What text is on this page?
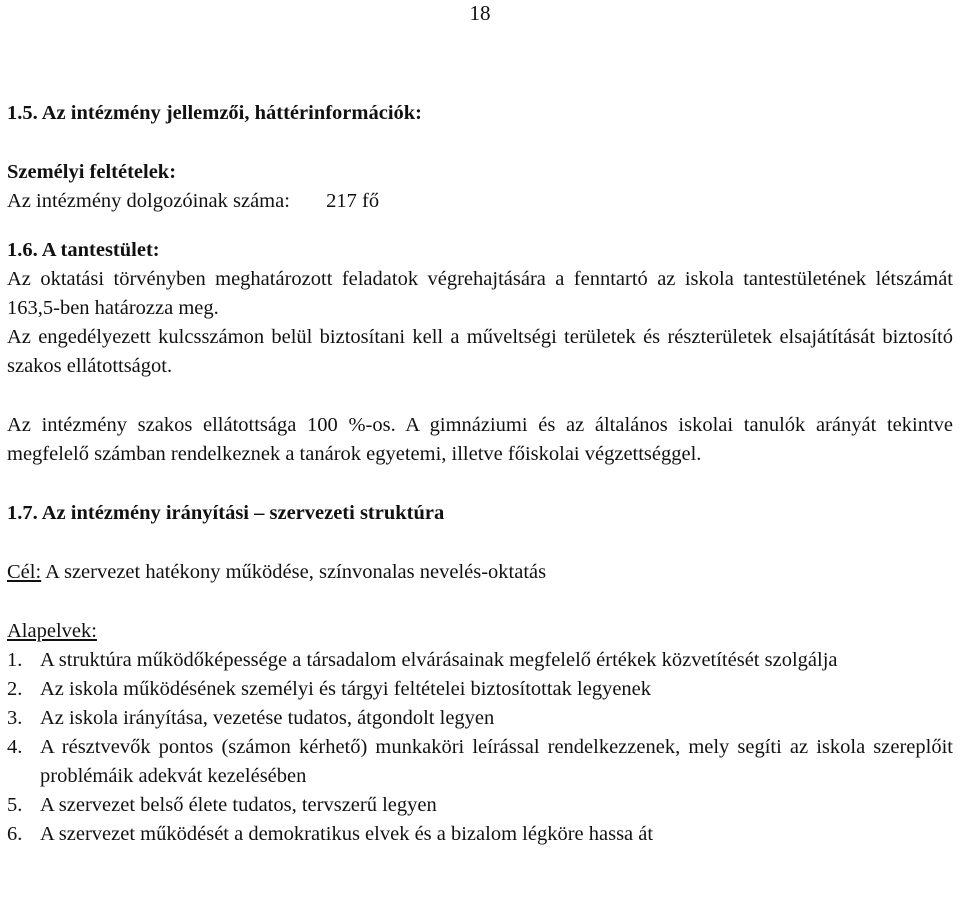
18
1.5. Az intézmény jellemzői, háttérinformációk:
Személyi feltételek:
Az intézmény dolgozóinak száma: 217 fő
1.6. A tantestület:

Az oktatási törvényben meghatározott feladatok végrehajtására a fenntartó az iskola tantestületének létszámát 163,5-ben határozza meg.

Az engedélyezett kulcsszámon belül biztosítani kell a műveltségi területek és részterületek elsajátítását biztosító szakos ellátottságot.

Az intézmény szakos ellátottsága 100 %-os. A gimnáziumi és az általános iskolai tanulók arányát tekintve megfelelő számban rendelkeznek a tanárok egyetemi, illetve főiskolai végzettséggel.

1.7. Az intézmény irányítási – szervezeti struktúra

Cél: A szervezet hatékony működése, színvonalas nevelés-oktatás

Alapelvek:
1. A struktúra működőképessége a társadalom elvárásainak megfelelő értékek közvetítését szolgálja
2. Az iskola működésének személyi és tárgyi feltételei biztosítottak legyenek
3. Az iskola irányítása, vezetése tudatos, átgondolt legyen
4. A résztvevők pontos (számon kérhető) munkaköri leírással rendelkezzenek, mely segíti az iskola szereplőit problémáik adekvát kezelésében
5. A szervezet belső élete tudatos, tervszerű legyen
6. A szervezet működését a demokratikus elvek és a bizalom légköre hassa át
